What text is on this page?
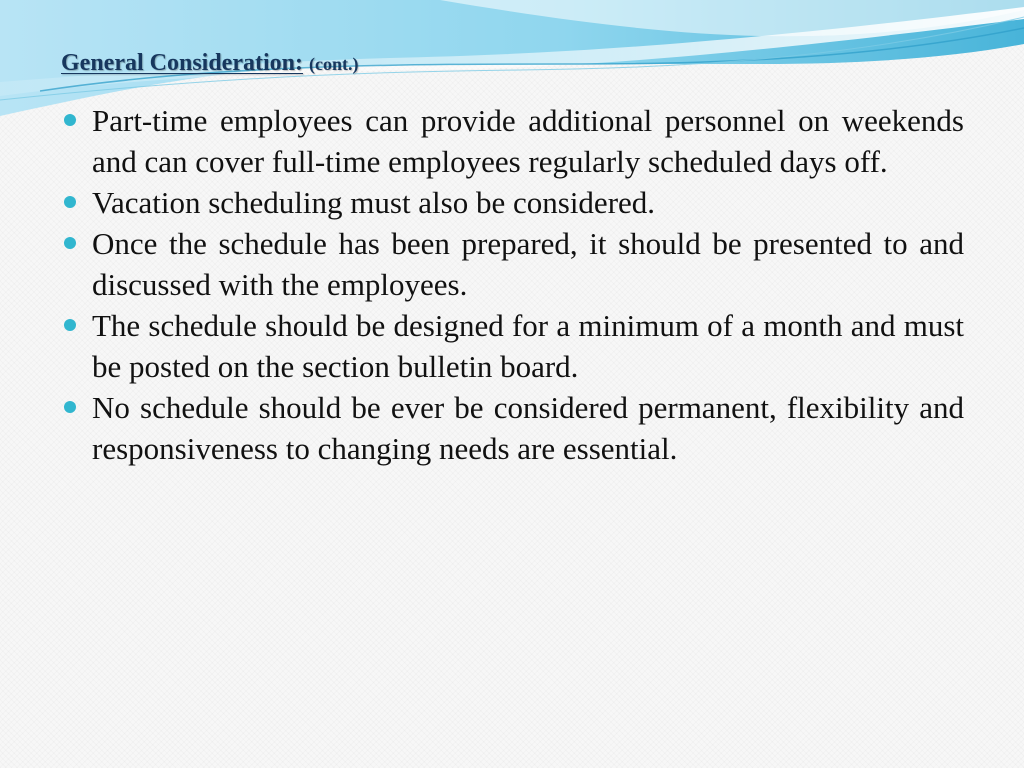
General Consideration: (cont.)
Part-time employees can provide additional personnel on weekends and can cover full-time employees regularly scheduled days off.
Vacation scheduling must also be considered.
Once the schedule has been prepared, it should be presented to and discussed with the employees.
The schedule should be designed for a minimum of a month and must be posted on the section bulletin board.
No schedule should be ever be considered permanent, flexibility and responsiveness to changing needs are essential.
